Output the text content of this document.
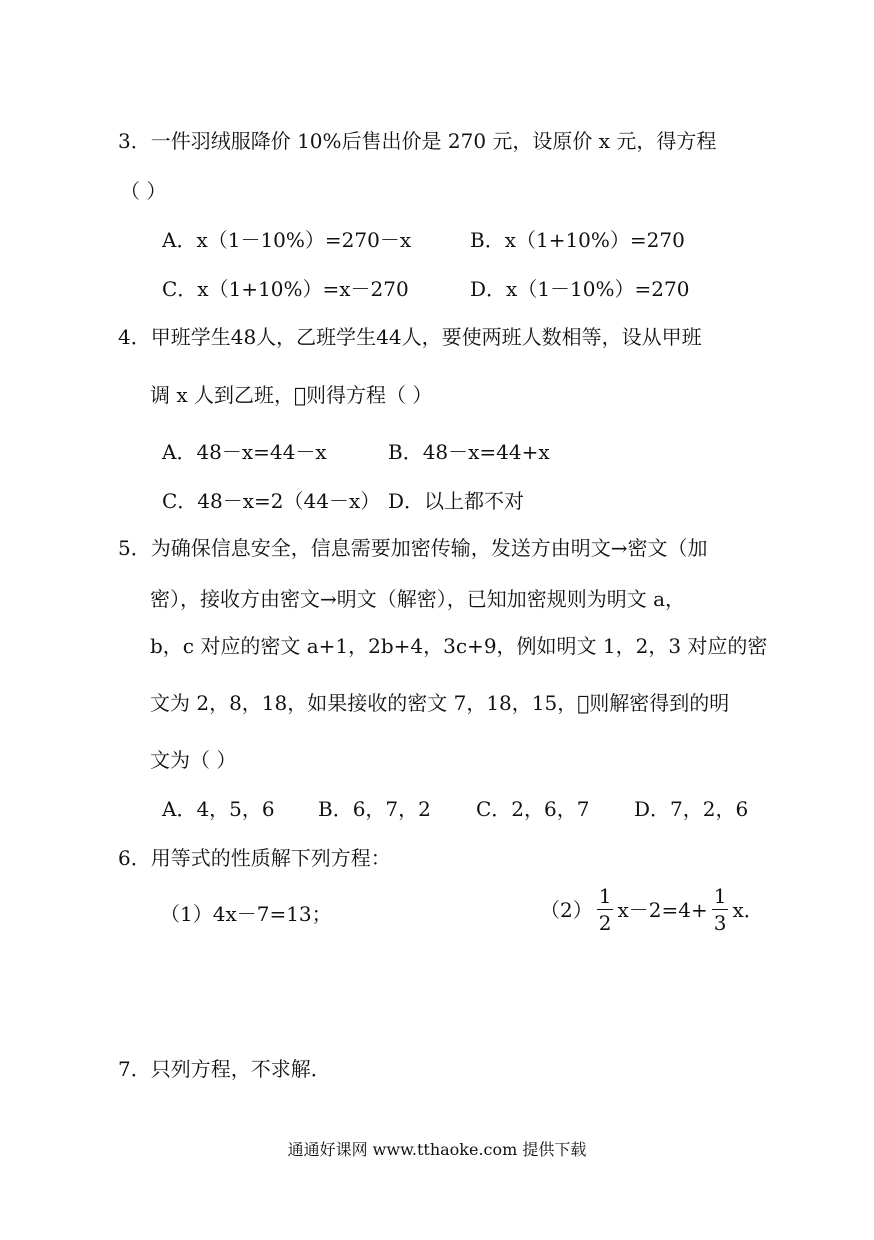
3．一件羽绒服降价 10%后售出价是 270 元，设原价 x 元，得方程
（ ）
A．x（1－10%）=270－x	B．x（1+10%）=270
C．x（1+10%）=x－270	D．x（1－10%）=270
4．甲班学生48人，乙班学生44人，要使两班人数相等，设从甲班
调 x 人到乙班，􀀁则得方程（ ）
A．48－x=44－x	B．48－x=44+x
C．48－x=2（44－x） D．以上都不对
5．为确保信息安全，信息需要加密传输，发送方由明文→密文（加
密），接收方由密文→明文（解密），已知加密规则为明文 a，
b，c 对应的密文 a+1，2b+4，3c+9，例如明文 1，2，3 对应的密
文为 2，8，18，如果接收的密文 7，18，15，􀀁则解密得到的明
文为（ ）
A．4，5，6 B．6，7，2 C．2，6，7 D．7，2，6
6．用等式的性质解下列方程：
（1）4x－7=13；	$(2) \frac{1}{2} x-2=4+ \frac{1}{3}$ x．
7．只列方程，不求解．
通通好课网 www.tthaoke.com 提供下载
